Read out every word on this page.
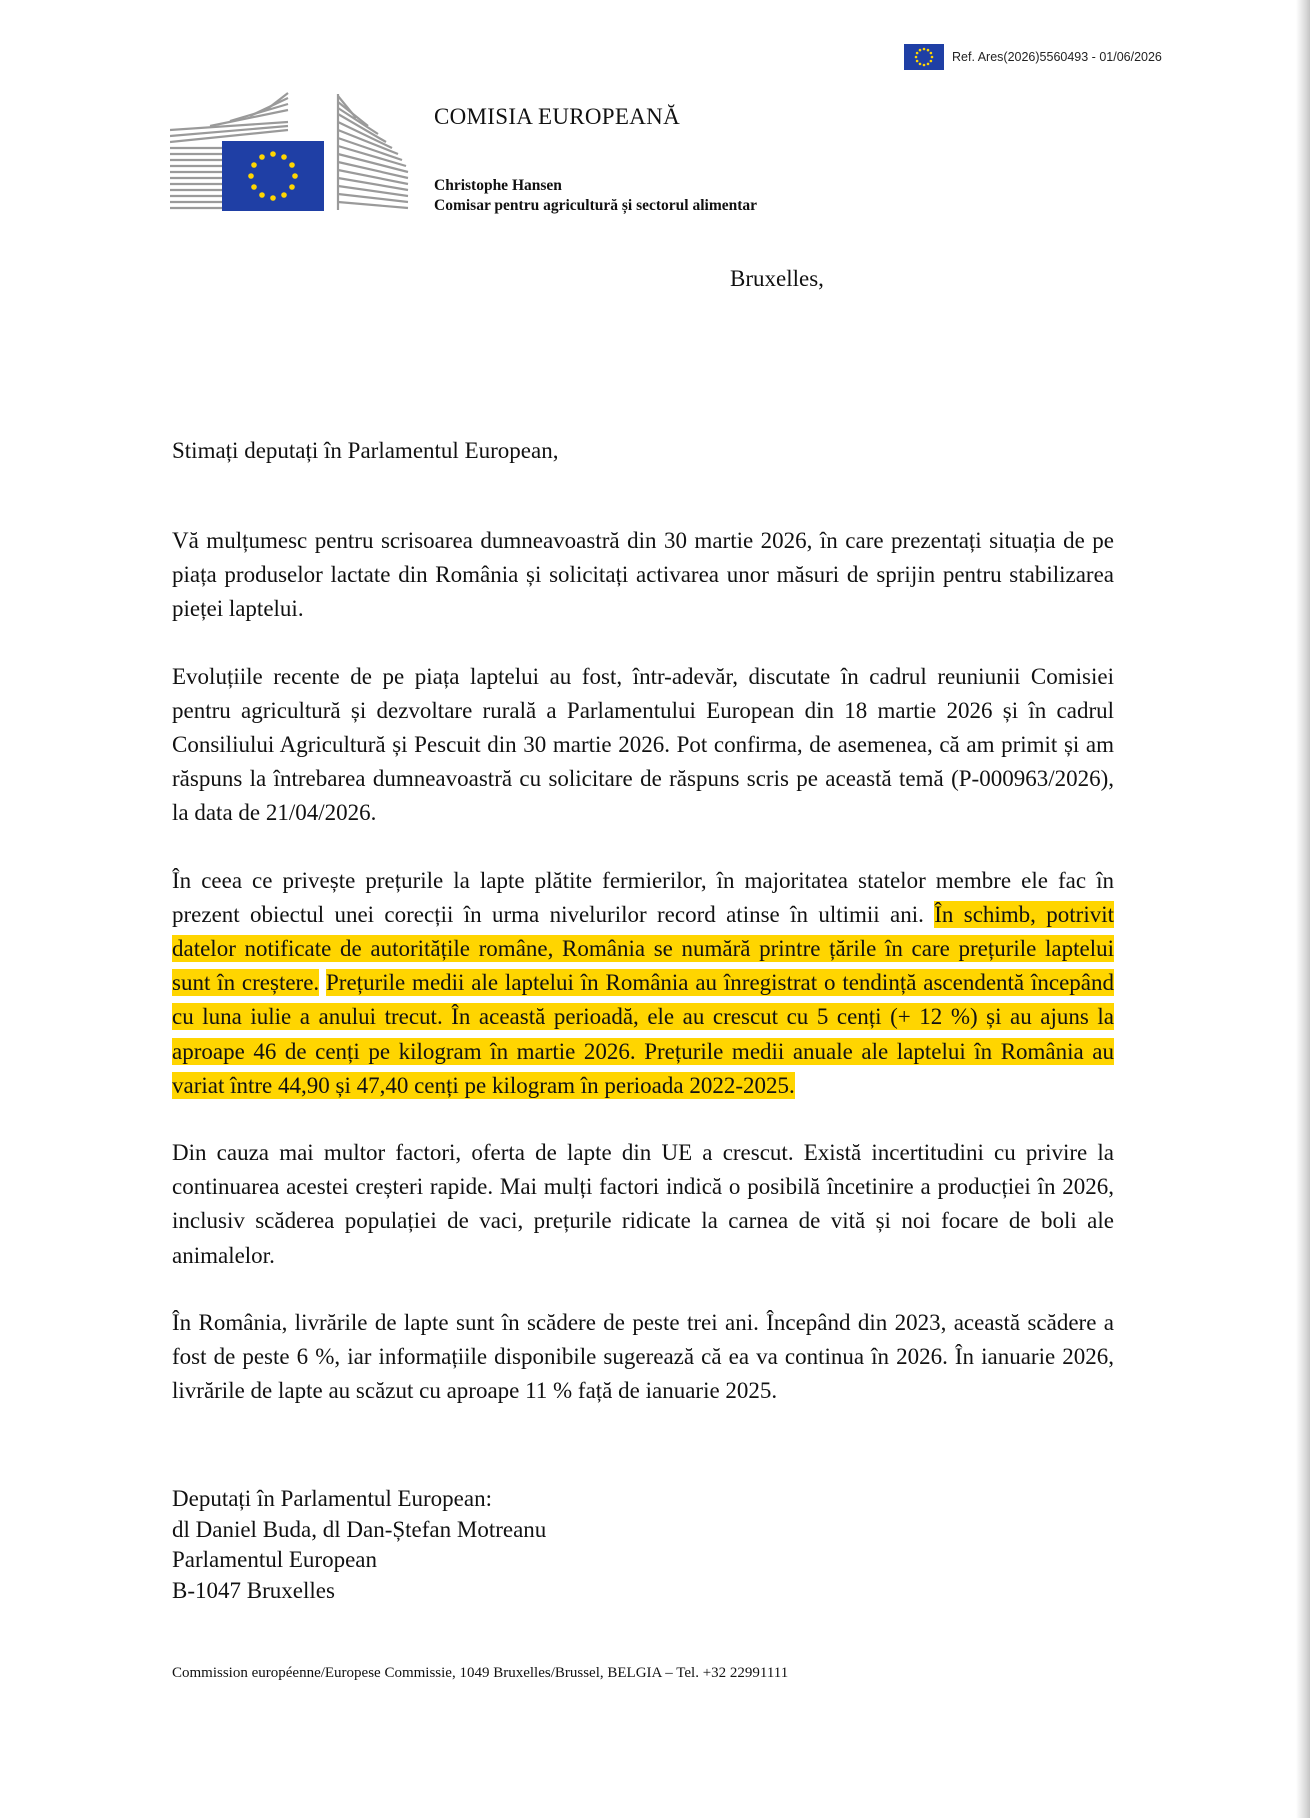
Ref. Ares(2026)5560493 - 01/06/2026
COMISIA EUROPEANĂ
Christophe Hansen
Comisar pentru agricultură și sectorul alimentar
Bruxelles,
Stimați deputați în Parlamentul European,

Vă mulțumesc pentru scrisoarea dumneavoastră din 30 martie 2026, în care prezentați situația de pe piața produselor lactate din România și solicitați activarea unor măsuri de sprijin pentru stabilizarea pieței laptelui.

Evoluțiile recente de pe piața laptelui au fost, într-adevăr, discutate în cadrul reuniunii Comisiei pentru agricultură și dezvoltare rurală a Parlamentului European din 18 martie 2026 și în cadrul Consiliului Agricultură și Pescuit din 30 martie 2026. Pot confirma, de asemenea, că am primit și am răspuns la întrebarea dumneavoastră cu solicitare de răspuns scris pe această temă (P-000963/2026), la data de 21/04/2026.

În ceea ce privește prețurile la lapte plătite fermierilor, în majoritatea statelor membre ele fac în prezent obiectul unei corecții în urma nivelurilor record atinse în ultimii ani. În schimb, potrivit datelor notificate de autoritățile române, România se numără printre țările în care prețurile laptelui sunt în creștere. Prețurile medii ale laptelui în România au înregistrat o tendință ascendentă începând cu luna iulie a anului trecut. În această perioadă, ele au crescut cu 5 cenți (+ 12 %) și au ajuns la aproape 46 de cenți pe kilogram în martie 2026. Prețurile medii anuale ale laptelui în România au variat între 44,90 și 47,40 cenți pe kilogram în perioada 2022-2025.

Din cauza mai multor factori, oferta de lapte din UE a crescut. Există incertitudini cu privire la continuarea acestei creșteri rapide. Mai mulți factori indică o posibilă încetinire a producției în 2026, inclusiv scăderea populației de vaci, prețurile ridicate la carnea de vită și noi focare de boli ale animalelor.

În România, livrările de lapte sunt în scădere de peste trei ani. Începând din 2023, această scădere a fost de peste 6 %, iar informațiile disponibile sugerează că ea va continua în 2026. În ianuarie 2026, livrările de lapte au scăzut cu aproape 11 % față de ianuarie 2025.

Deputați în Parlamentul European:
dl Daniel Buda, dl Dan-Ștefan Motreanu
Parlamentul European
B-1047 Bruxelles
Commission européenne/Europese Commissie, 1049 Bruxelles/Brussel, BELGIA – Tel. +32 22991111
